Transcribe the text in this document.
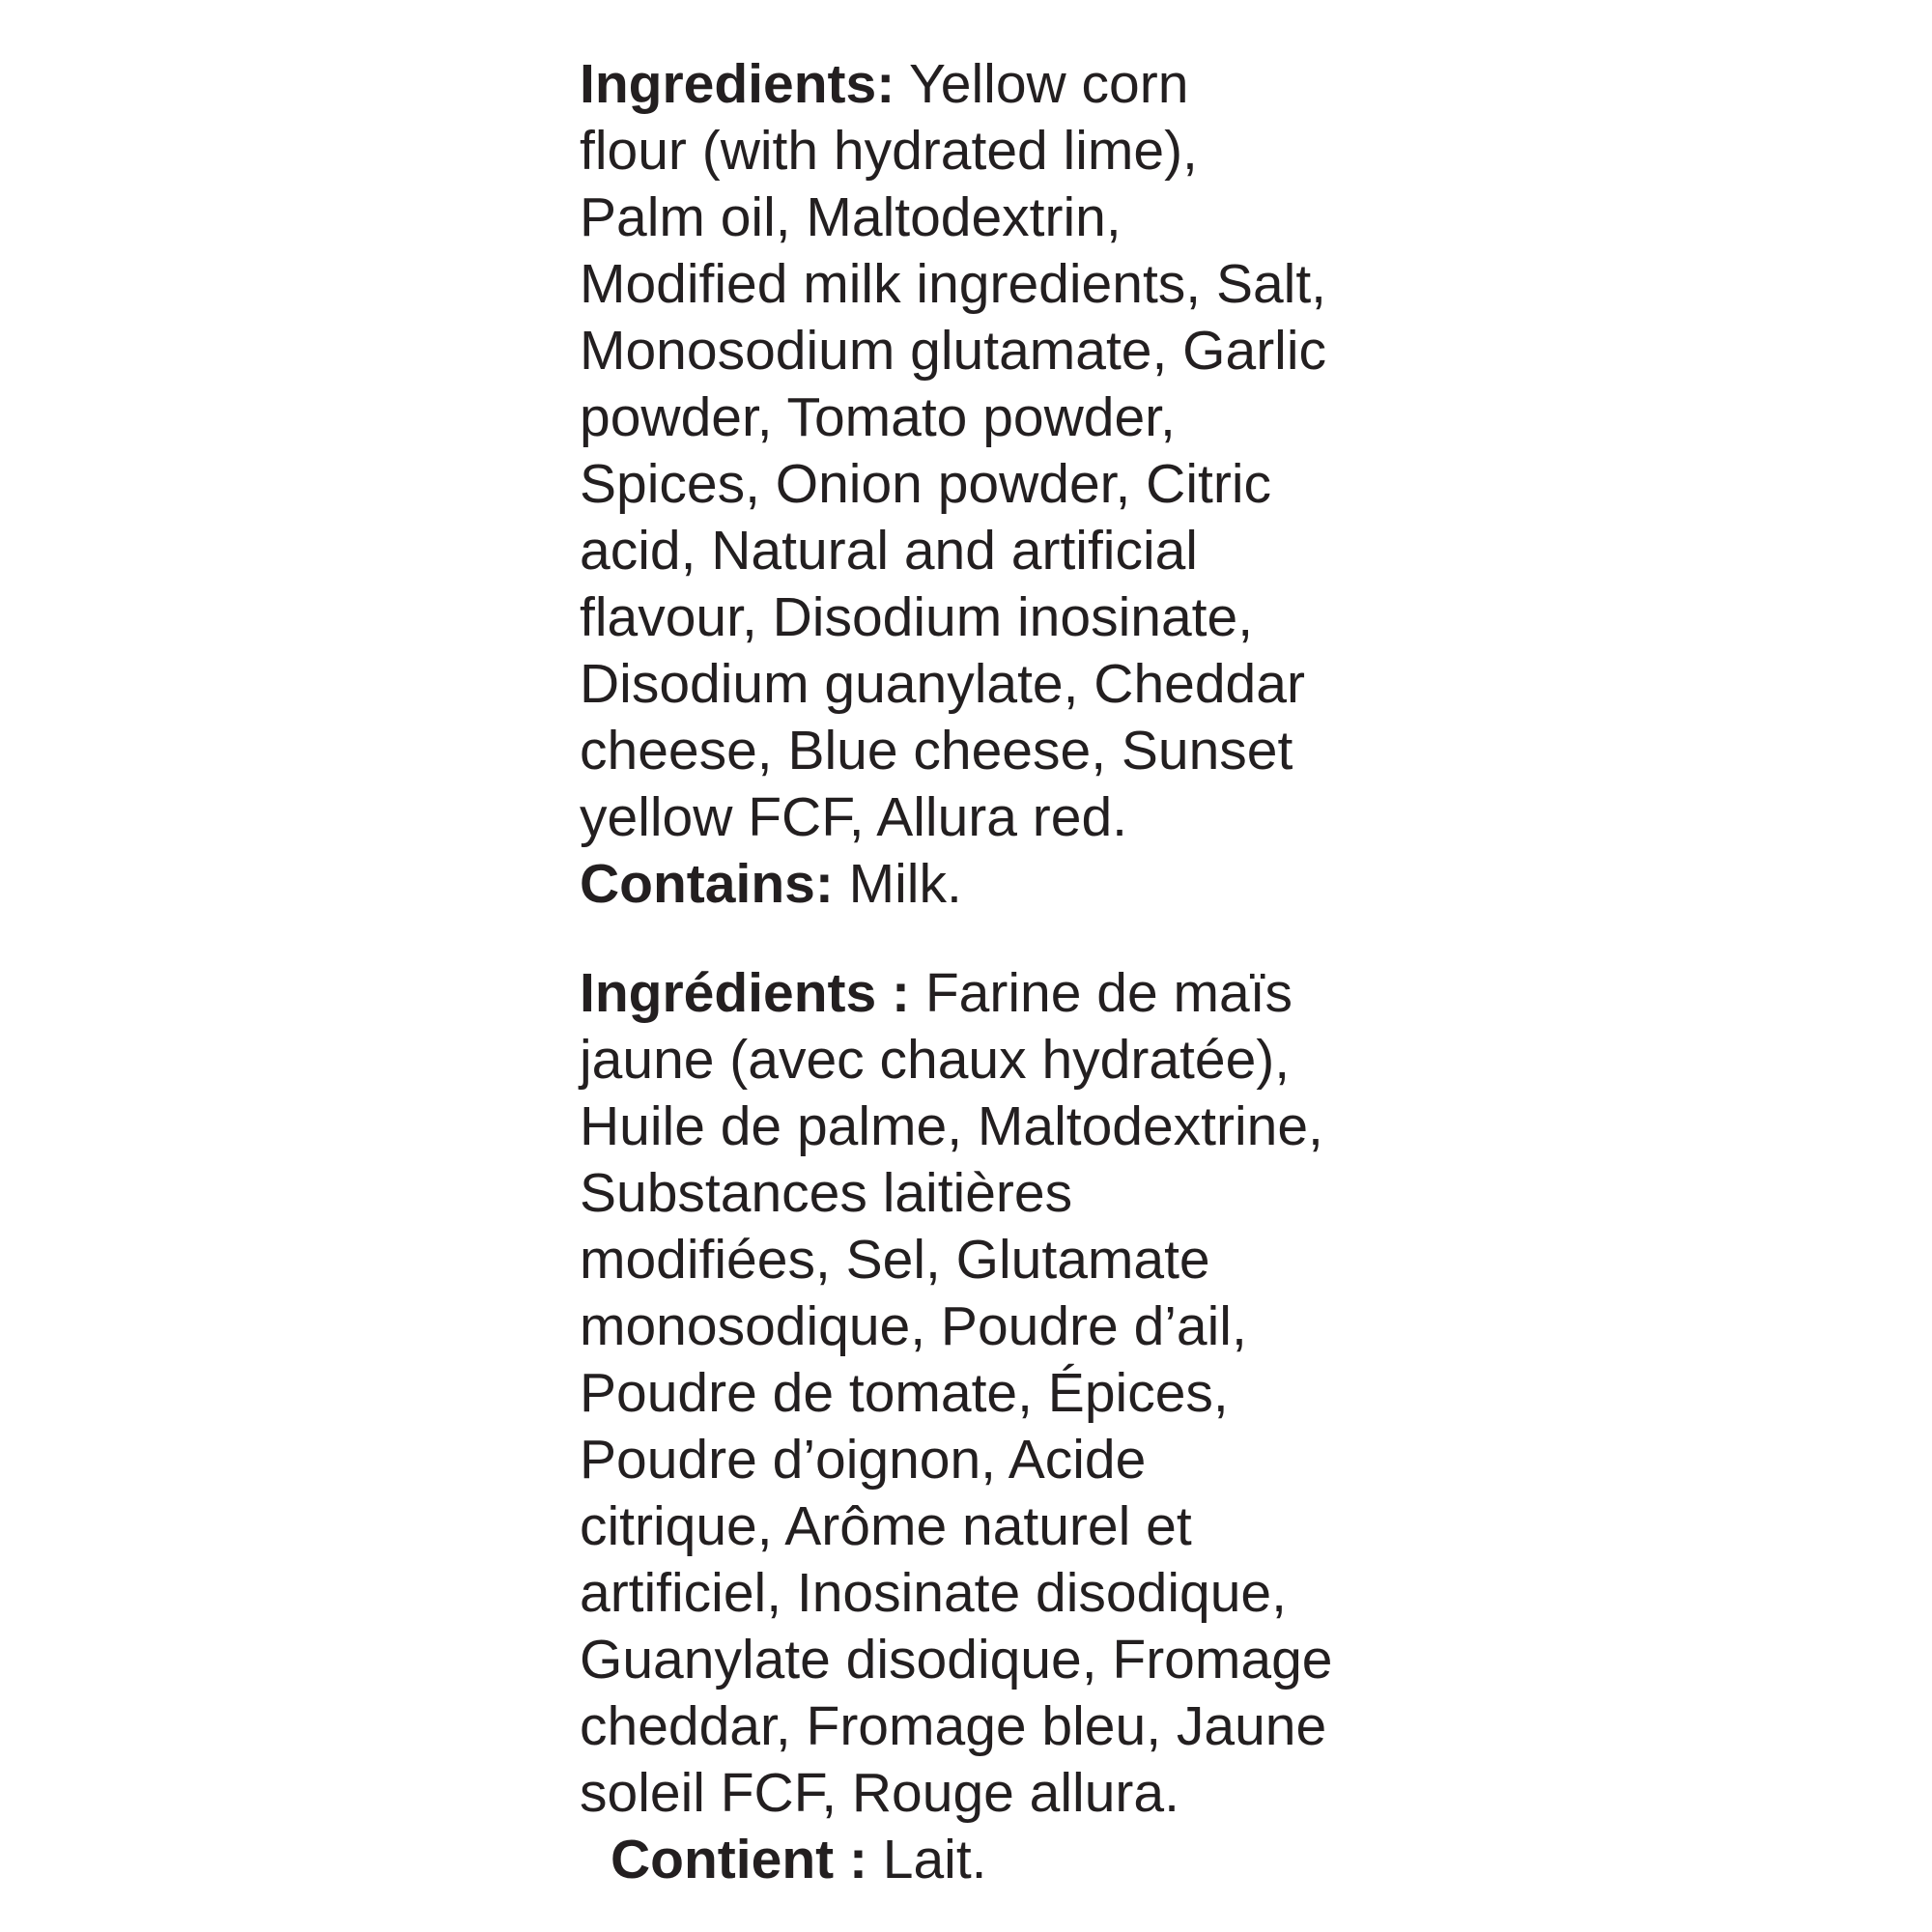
Ingredients: Yellow corn
flour (with hydrated lime),
Palm oil, Maltodextrin,
Modified milk ingredients, Salt,
Monosodium glutamate, Garlic
powder, Tomato powder,
Spices, Onion powder, Citric
acid, Natural and artificial
flavour, Disodium inosinate,
Disodium guanylate, Cheddar
cheese, Blue cheese, Sunset
yellow FCF, Allura red.
Contains: Milk.
Ingrédients : Farine de maïs
jaune (avec chaux hydratée),
Huile de palme, Maltodextrine,
Substances laitières
modifiées, Sel, Glutamate
monosodique, Poudre d’ail,
Poudre de tomate, Épices,
Poudre d’oignon, Acide
citrique, Arôme naturel et
artificiel, Inosinate disodique,
Guanylate disodique, Fromage
cheddar, Fromage bleu, Jaune
soleil FCF, Rouge allura.
Contient : Lait.
